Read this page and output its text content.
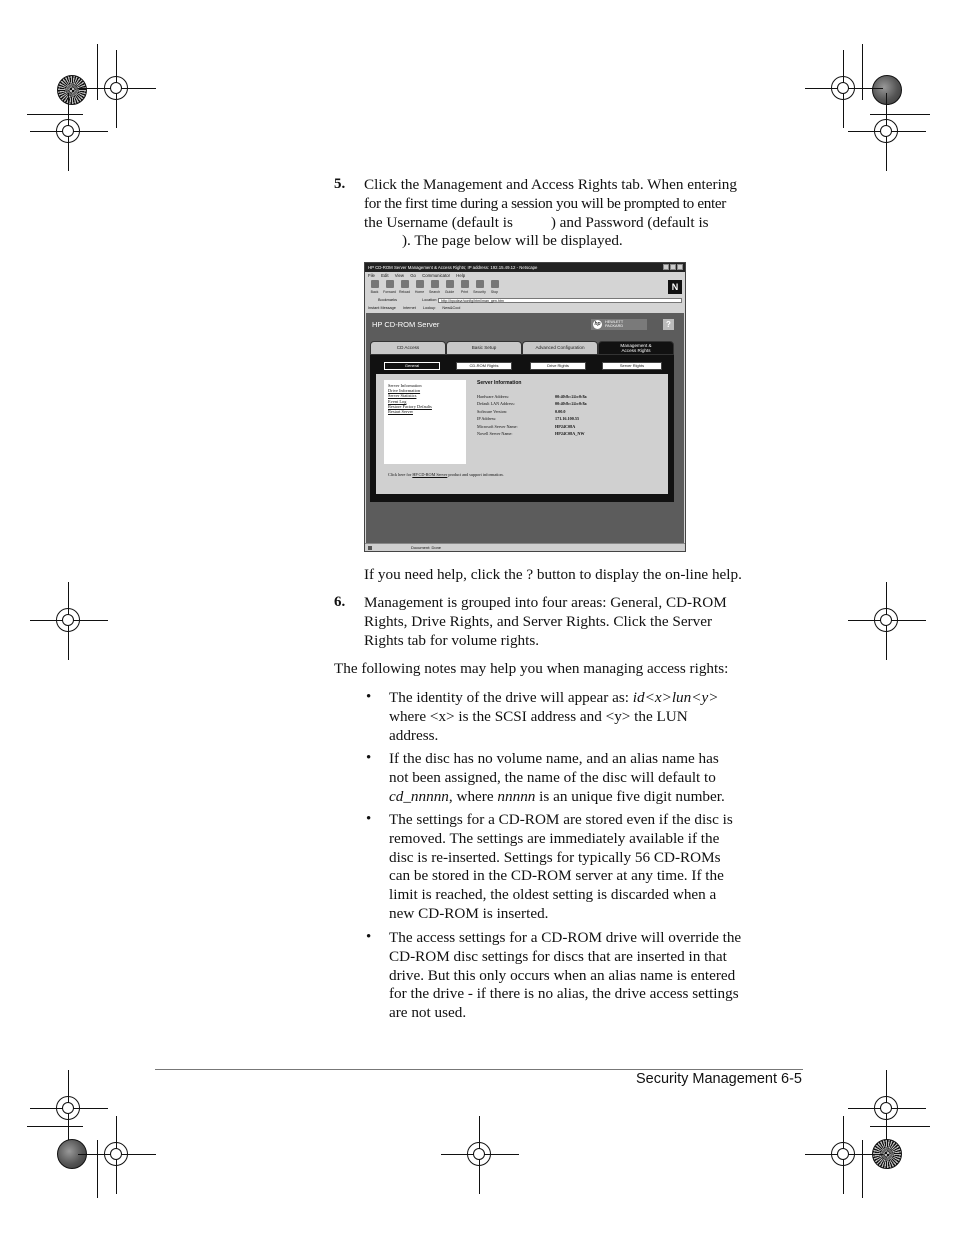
5. Click the Management and Access Rights tab. When entering
for the first time during a session you will be prompted to enter
the Username (default is          ) and Password (default is
). The page below will be displayed.
HP CD-ROM Server Management & Access Rights; IP address: 192.15.49.12 - Netscape
File Edit View Go Communicator Help
Back	Forward Reload	Home	Search	Guide	Print	Security	Stop	N
Bookmarks	Location: http://hpcdsvr/config/html/man_gen.htm
Instant Message Internet Lookup New&Cool
HP CD-ROM Server	hp	HEWLETT
PACKARD	?
CD Access	Basic Setup	Advanced Configuration	Management &
Access Rights
General	CD-ROM Rights	Drive Rights	Server Rights
Server Information
Drive Information
Server Statistics
Event Log
Restore Factory Defaults
Restart Server
Server Information
Hardware Address:	00:40:8c:24:c0:8a
Default LAN Address:	00:40:8c:24:c0:8a
Software Version:	0.00.0
IP Address:	171.16.100.55
Microsoft Server Name:	HP24C08A
Novell Server Name:	HP24C08A_NW
Click here for HP CD-ROM Server product and support information.
Document: Done
If you need help, click the ? button to display the on-line help.
6. Management is grouped into four areas: General, CD-ROM
Rights, Drive Rights, and Server Rights. Click the Server
Rights tab for volume rights.
The following notes may help you when managing access rights:
• The identity of the drive will appear as: id<x>lun<y>
where <x> is the SCSI address and <y> the LUN
address.
• If the disc has no volume name, and an alias name has
not been assigned, the name of the disc will default to
cd_nnnnn, where nnnnn is an unique five digit number.
• The settings for a CD-ROM are stored even if the disc is
removed. The settings are immediately available if the
disc is re-inserted. Settings for typically 56 CD-ROMs
can be stored in the CD-ROM server at any time. If the
limit is reached, the oldest setting is discarded when a
new CD-ROM is inserted.
• The access settings for a CD-ROM drive will override the
CD-ROM disc settings for discs that are inserted in that
drive. But this only occurs when an alias name is entered
for the drive - if there is no alias, the drive access settings
are not used.
Security Management 6-5
